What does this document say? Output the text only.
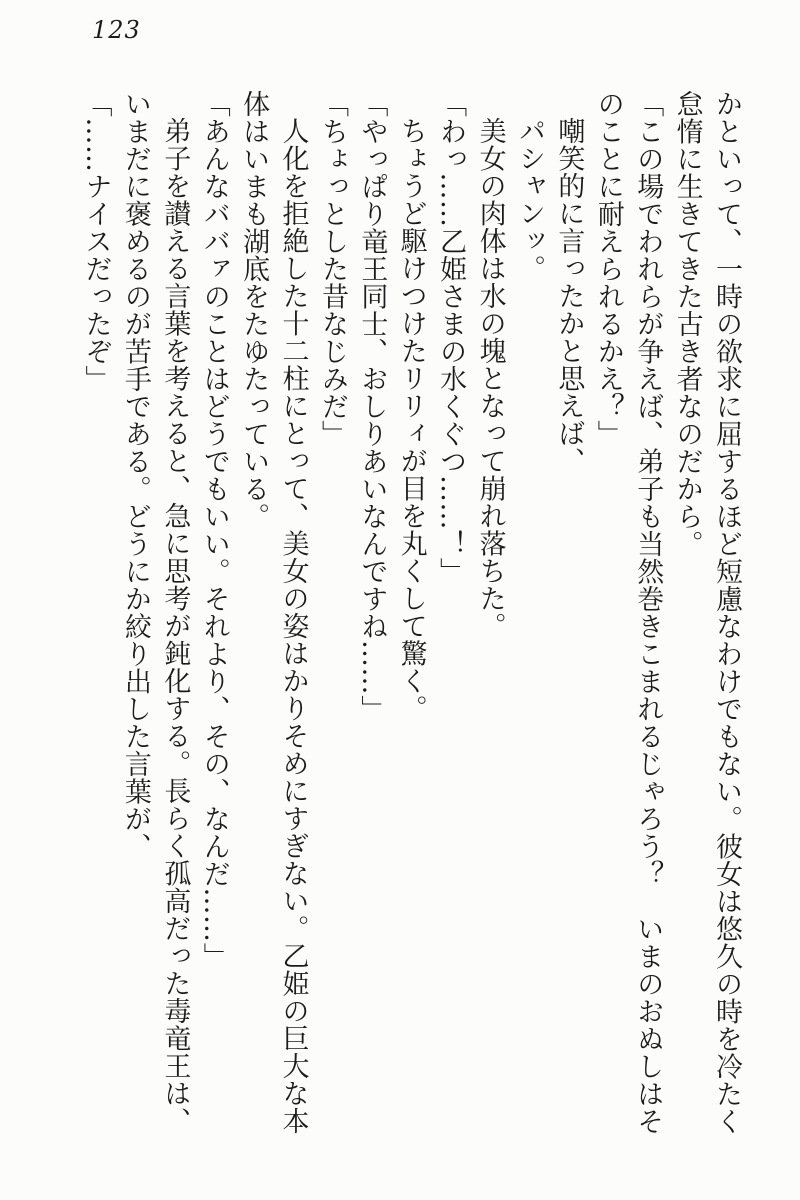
123

かといって、一時の欲求に屈するほど短慮なわけでもない。彼女は悠久の時を冷たく怠惰に生きてきた古き者なのだから。

「この場でわれらが争えば、弟子も当然巻きこまれるじゃろう？　いまのおぬしはそのことに耐えられるかえ？」

嘲笑的に言ったかと思えば、

パシャンッ。

美女の肉体は水の塊となって崩れ落ちた。

「わっ……乙姫さまの水くぐつ……！」

ちょうど駆けつけたリリィが目を丸くして驚く。

「やっぱり竜王同士、おしりあいなんですね……」

「ちょっとした昔なじみだ」

人化を拒絶した十二柱にとって、美女の姿はかりそめにすぎない。乙姫の巨大な本体はいまも湖底をたゆたっている。

「あんなババァのことはどうでもいい。それより、その、なんだ……」

弟子を讃える言葉を考えると、急に思考が鈍化する。長らく孤高だった毒竜王は、いまだに褒めるのが苦手である。どうにか絞り出した言葉が、

「……ナイスだったぞ」
